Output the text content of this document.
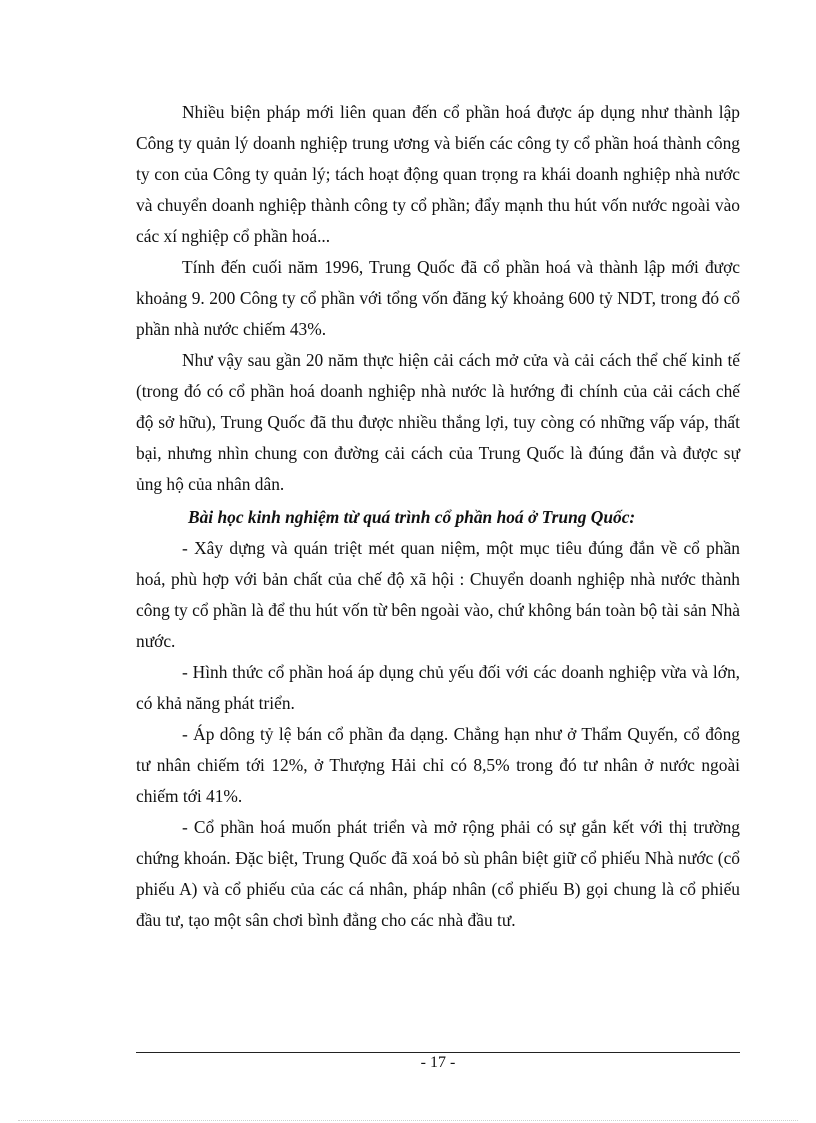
Nhiều biện pháp mới liên quan đến cổ phần hoá được áp dụng như thành lập Công ty quản lý doanh nghiệp trung ương và biến các công ty cổ phần hoá thành công ty con của Công ty quản lý; tách hoạt động quan trọng ra khái doanh nghiệp nhà nước và chuyển doanh nghiệp thành công ty cổ phần; đẩy mạnh thu hút vốn nước ngoài vào các xí nghiệp cổ phần hoá...

Tính đến cuối năm 1996, Trung Quốc đã cổ phần hoá và thành lập mới được khoảng 9. 200 Công ty cổ phần với tổng vốn đăng ký khoảng 600 tỷ NDT, trong đó cổ phần nhà nước chiếm 43%.

Như vậy sau gần 20 năm thực hiện cải cách mở cửa và cải cách thể chế kinh tế (trong đó có cổ phần hoá doanh nghiệp nhà nước là hướng đi chính của cải cách chế độ sở hữu), Trung Quốc đã thu được nhiều thắng lợi, tuy còng có những vấp váp, thất bại, nhưng nhìn chung con đường cải cách của Trung Quốc là đúng đắn và được sự ủng hộ của nhân dân.

Bài học kinh nghiệm từ quá trình cổ phần hoá ở Trung Quốc:

- Xây dựng và quán triệt mét quan niệm, một mục tiêu đúng đắn về cổ phần hoá, phù hợp với bản chất của chế độ xã hội : Chuyển doanh nghiệp nhà nước thành công ty cổ phần là để thu hút vốn từ bên ngoài vào, chứ không bán toàn bộ tài sản Nhà nước.

- Hình thức cổ phần hoá áp dụng chủ yếu đối với các doanh nghiệp vừa và lớn, có khả năng phát triển.

- Áp dông tỷ lệ bán cổ phần đa dạng. Chẳng hạn như ở Thẩm Quyến, cổ đông tư nhân chiếm tới 12%, ở Thượng Hải chỉ có 8,5% trong đó tư nhân ở nước ngoài chiếm tới 41%.

- Cổ phần hoá muốn phát triển và mở rộng phải có sự gắn kết với thị trường chứng khoán. Đặc biệt, Trung Quốc đã xoá bỏ sù phân biệt giữ cổ phiếu Nhà nước (cổ phiếu A) và cổ phiếu của các cá nhân, pháp nhân (cổ phiếu B) gọi chung là cổ phiếu đầu tư, tạo một sân chơi bình đẳng cho các nhà đầu tư.

- 17 -
